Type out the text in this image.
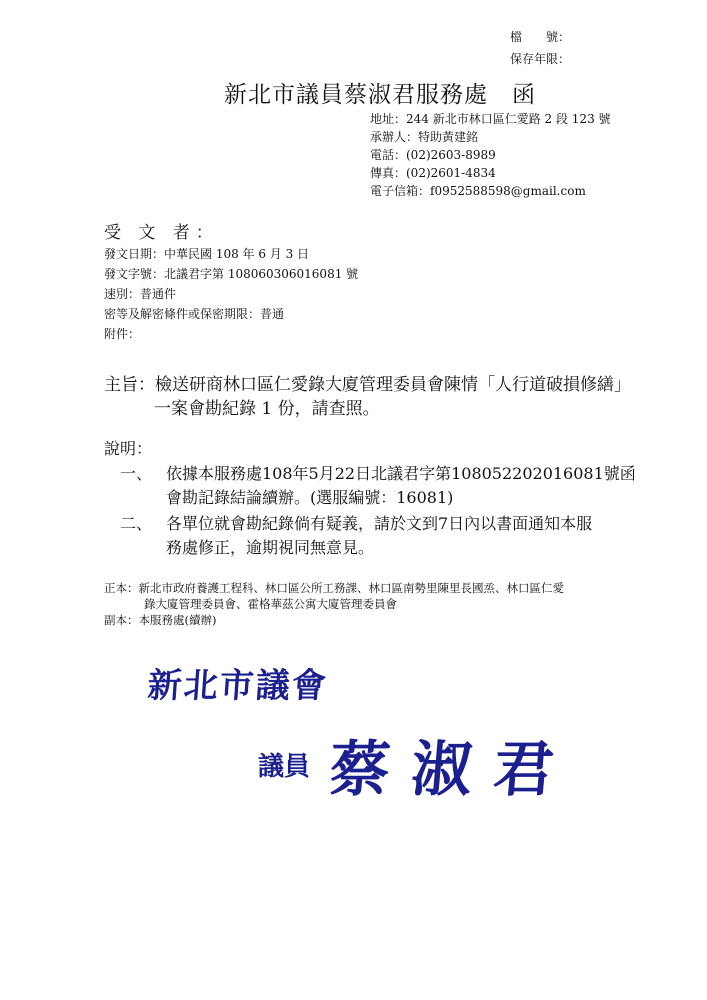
檔　　號：
保存年限：
新北市議員蔡淑君服務處　函
地址：244 新北市林口區仁愛路 2 段 123 號
承辦人：特助黃建銘
電話：(02)2603-8989
傳真：(02)2601-4834
電子信箱：f0952588598@gmail.com
受 文 者：
發文日期：中華民國 108 年 6 月 3 日
發文字號：北議君字第 108060306016081 號
速別：普通件
密等及解密條件或保密期限：普通
附件：
主旨：檢送研商林口區仁愛錄大廈管理委員會陳情「人行道破損修繕」
一案會勘紀錄 1 份，請查照。
說明：
一、 依據本服務處108年5月22日北議君字第108052202016081號函
會勘記錄結論續辦。(選服編號：16081)
二、 各單位就會勘紀錄倘有疑義，請於文到7日內以書面通知本服
務處修正，逾期視同無意見。
正本：新北市政府養護工程科、林口區公所工務課、林口區南勢里陳里長國烝、林口區仁愛
錄大廈管理委員會、霍格華茲公寓大廈管理委員會
副本：本服務處(續辦)
新北市議會
議員 蔡淑君
